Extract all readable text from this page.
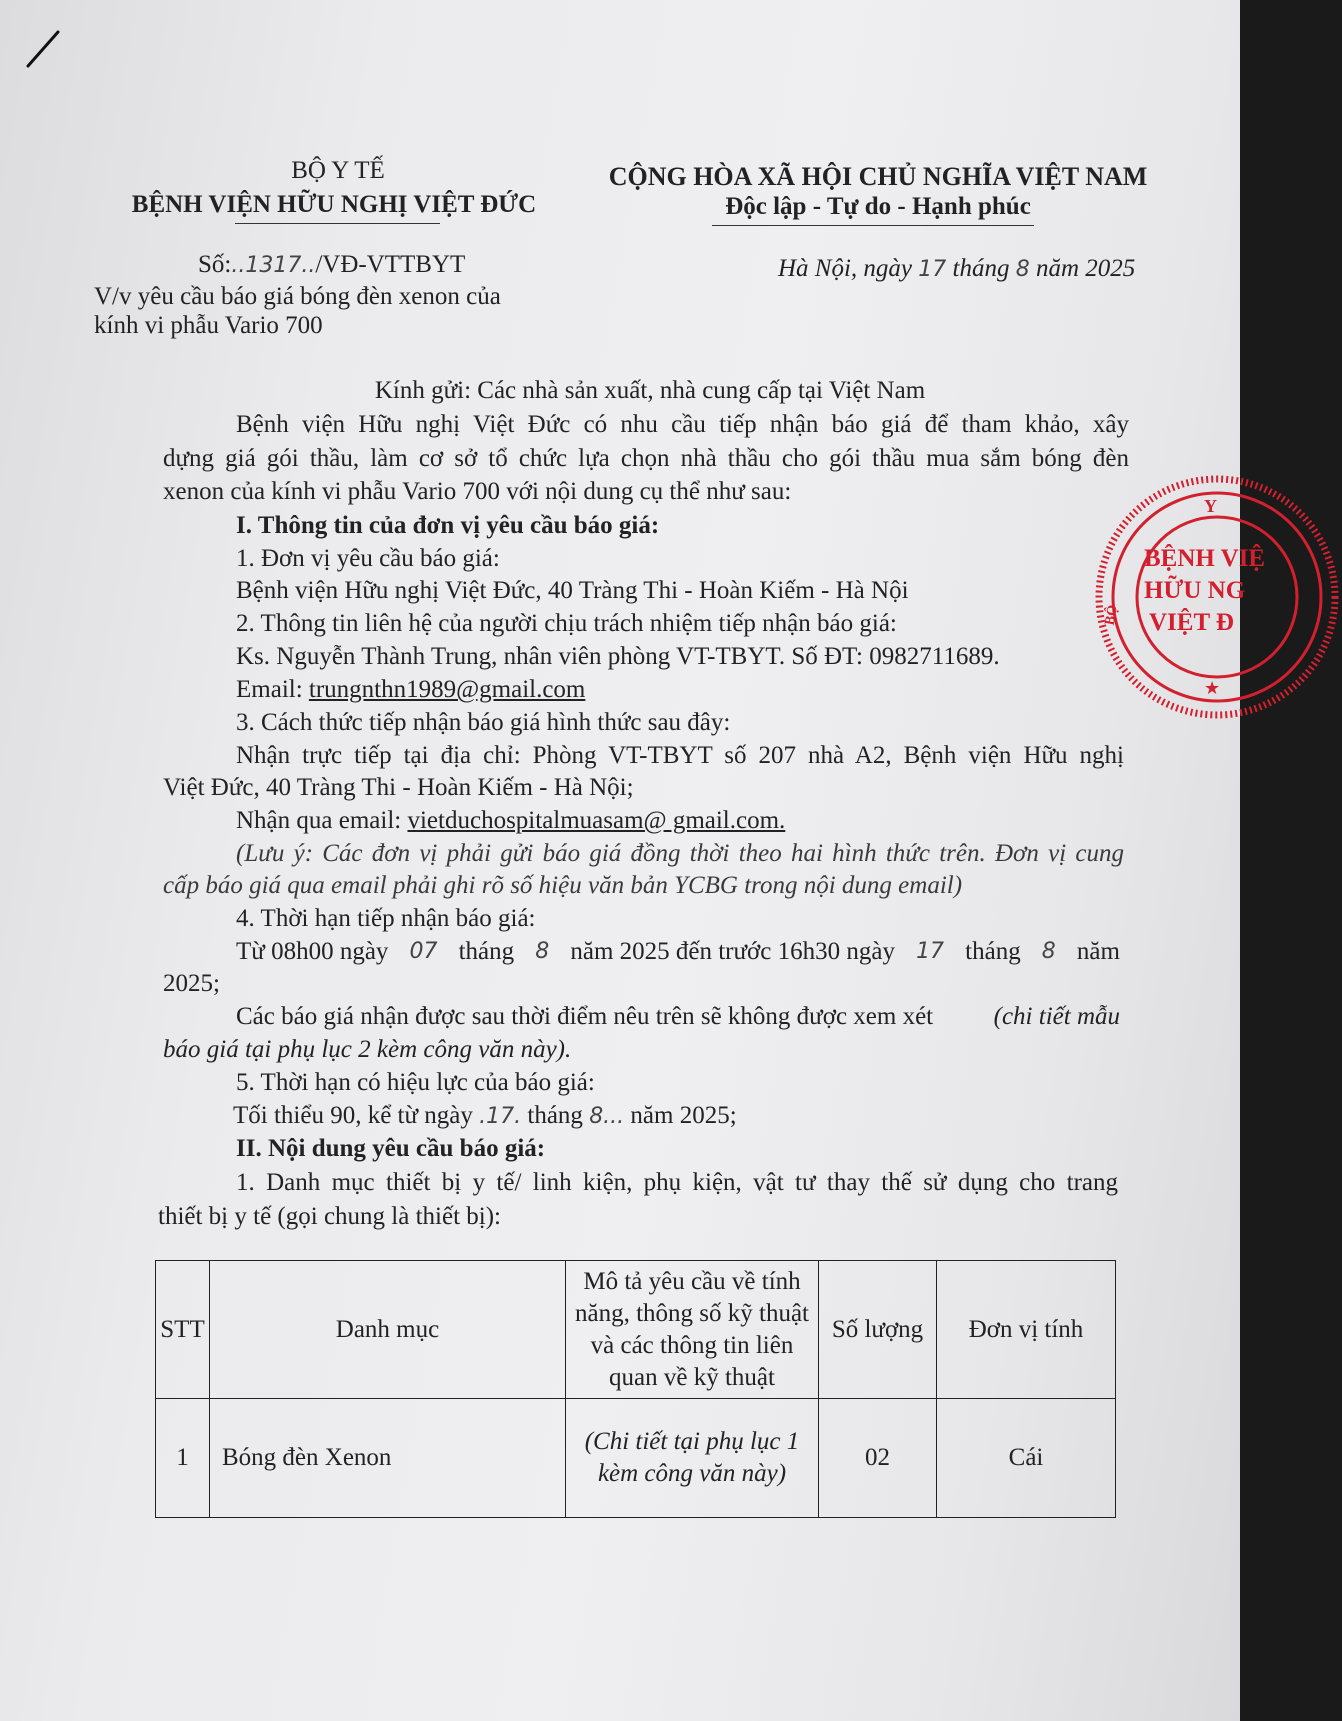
BỘ Y TẾ
BỆNH VIỆN HỮU NGHỊ VIỆT ĐỨC
Số:..1317../VĐ-VTTBYT
V/v yêu cầu báo giá bóng đèn xenon của
kính vi phẫu Vario 700
CỘNG HÒA XÃ HỘI CHỦ NGHĨA VIỆT NAM
Độc lập - Tự do - Hạnh phúc
Hà Nội, ngày 17 tháng 8 năm 2025
Kính gửi: Các nhà sản xuất, nhà cung cấp tại Việt Nam
Bệnh viện Hữu nghị Việt Đức có nhu cầu tiếp nhận báo giá để tham khảo, xây
dựng giá gói thầu, làm cơ sở tổ chức lựa chọn nhà thầu cho gói thầu mua sắm bóng đèn
xenon của kính vi phẫu Vario 700 với nội dung cụ thể như sau:
I. Thông tin của đơn vị yêu cầu báo giá:
1. Đơn vị yêu cầu báo giá:
Bệnh viện Hữu nghị Việt Đức, 40 Tràng Thi - Hoàn Kiếm - Hà Nội
2. Thông tin liên hệ của người chịu trách nhiệm tiếp nhận báo giá:
Ks. Nguyễn Thành Trung, nhân viên phòng VT-TBYT. Số ĐT: 0982711689.
Email: trungnthn1989@gmail.com
3. Cách thức tiếp nhận báo giá hình thức sau đây:
Nhận trực tiếp tại địa chỉ: Phòng VT-TBYT số 207 nhà A2, Bệnh viện Hữu nghị
Việt Đức, 40 Tràng Thi - Hoàn Kiếm - Hà Nội;
Nhận qua email: vietduchospitalmuasam@ gmail.com.
(Lưu ý: Các đơn vị phải gửi báo giá đồng thời theo hai hình thức trên. Đơn vị cung
cấp báo giá qua email phải ghi rõ số hiệu văn bản YCBG trong nội dung email)
4. Thời hạn tiếp nhận báo giá:
Từ 08h00 ngày 07 tháng 8 năm 2025 đến trước 16h30 ngày 17 tháng 8 năm
2025;
Các báo giá nhận được sau thời điểm nêu trên sẽ không được xem xét (chi tiết mẫu
báo giá tại phụ lục 2 kèm công văn này).
5. Thời hạn có hiệu lực của báo giá:
Tối thiểu 90, kể từ ngày .17. tháng 8... năm 2025;
II. Nội dung yêu cầu báo giá:
1. Danh mục thiết bị y tế/ linh kiện, phụ kiện, vật tư thay thế sử dụng cho trang
thiết bị y tế (gọi chung là thiết bị):
STT	Danh mục	Mô tả yêu cầu về tính
năng, thông số kỹ thuật
và các thông tin liên
quan về kỹ thuật	Số lượng	Đơn vị tính
1	Bóng đèn Xenon	(Chi tiết tại phụ lục 1
kèm công văn này)	02	Cái
Y
BỘ
BỆNH VIỆ
HỮU NG
VIỆT Đ
★
